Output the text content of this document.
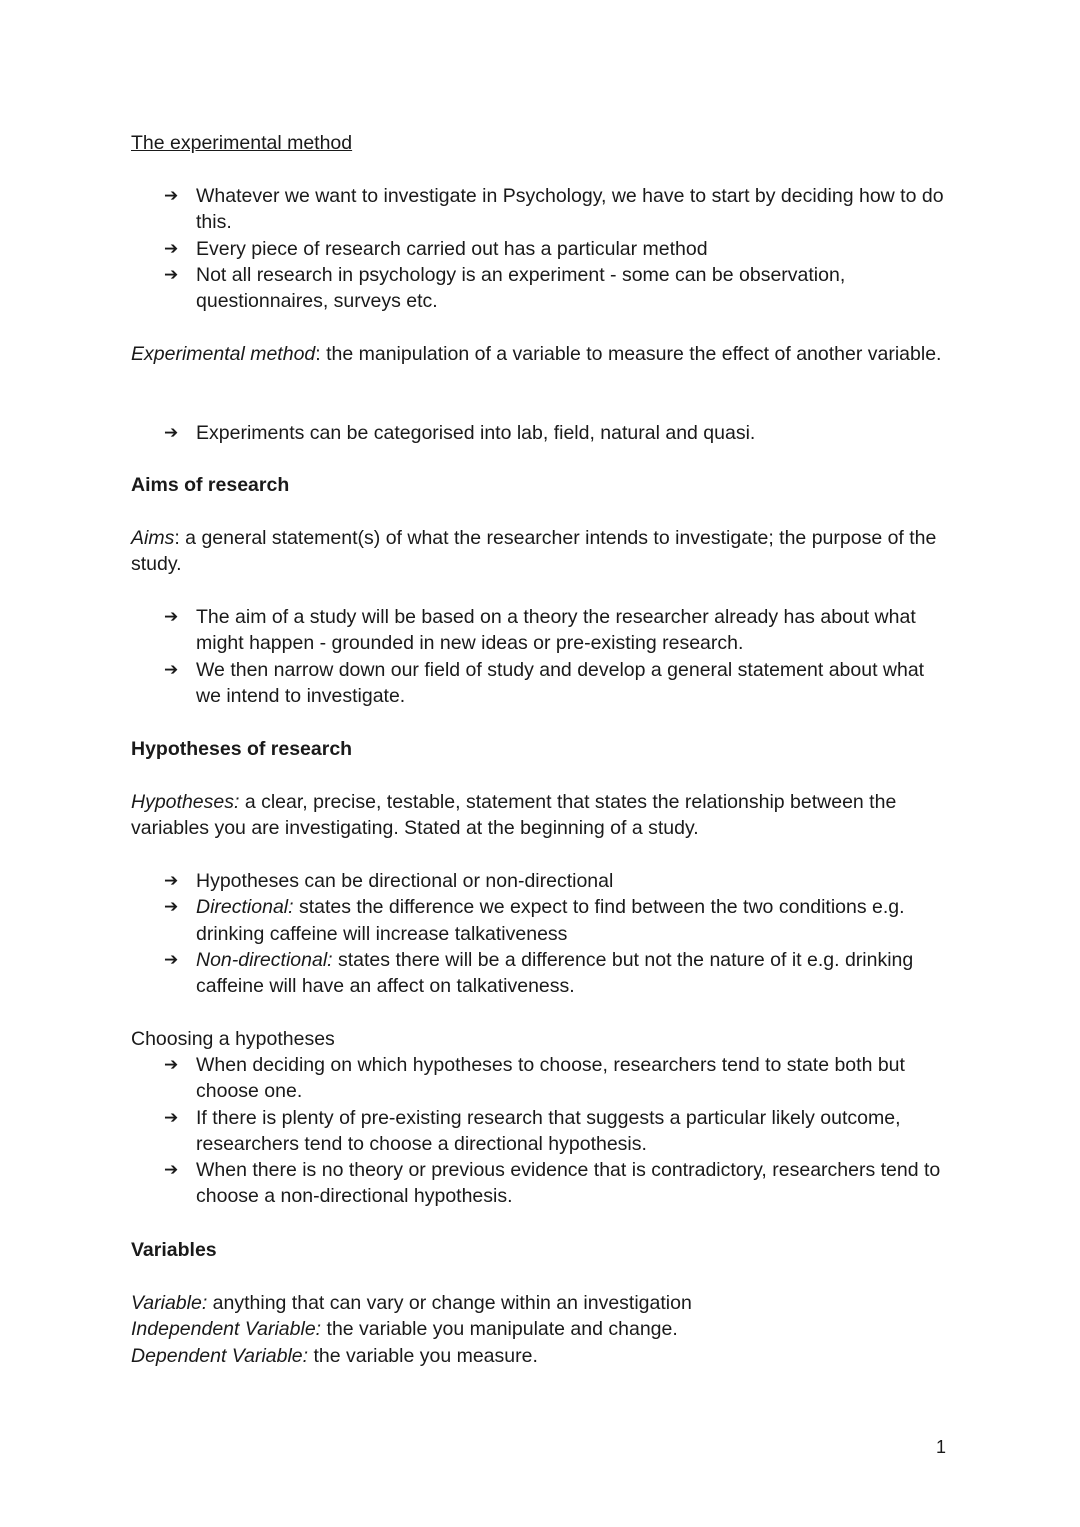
The experimental method
➔ Whatever we want to investigate in Psychology, we have to start by deciding how to do this.
➔ Every piece of research carried out has a particular method
➔ Not all research in psychology is an experiment - some can be observation, questionnaires, surveys etc.
Experimental method: the manipulation of a variable to measure the effect of another variable.
➔ Experiments can be categorised into lab, field, natural and quasi.
Aims of research
Aims: a general statement(s) of what the researcher intends to investigate; the purpose of the study.
➔ The aim of a study will be based on a theory the researcher already has about what might happen - grounded in new ideas or pre-existing research.
➔ We then narrow down our field of study and develop a general statement about what we intend to investigate.
Hypotheses of research
Hypotheses: a clear, precise, testable, statement that states the relationship between the variables you are investigating. Stated at the beginning of a study.
➔ Hypotheses can be directional or non-directional
➔ Directional: states the difference we expect to find between the two conditions e.g. drinking caffeine will increase talkativeness
➔ Non-directional: states there will be a difference but not the nature of it e.g. drinking caffeine will have an affect on talkativeness.
Choosing a hypotheses
➔ When deciding on which hypotheses to choose, researchers tend to state both but choose one.
➔ If there is plenty of pre-existing research that suggests a particular likely outcome, researchers tend to choose a directional hypothesis.
➔ When there is no theory or previous evidence that is contradictory, researchers tend to choose a non-directional hypothesis.
Variables
Variable: anything that can vary or change within an investigation
Independent Variable: the variable you manipulate and change.
Dependent Variable: the variable you measure.
1
